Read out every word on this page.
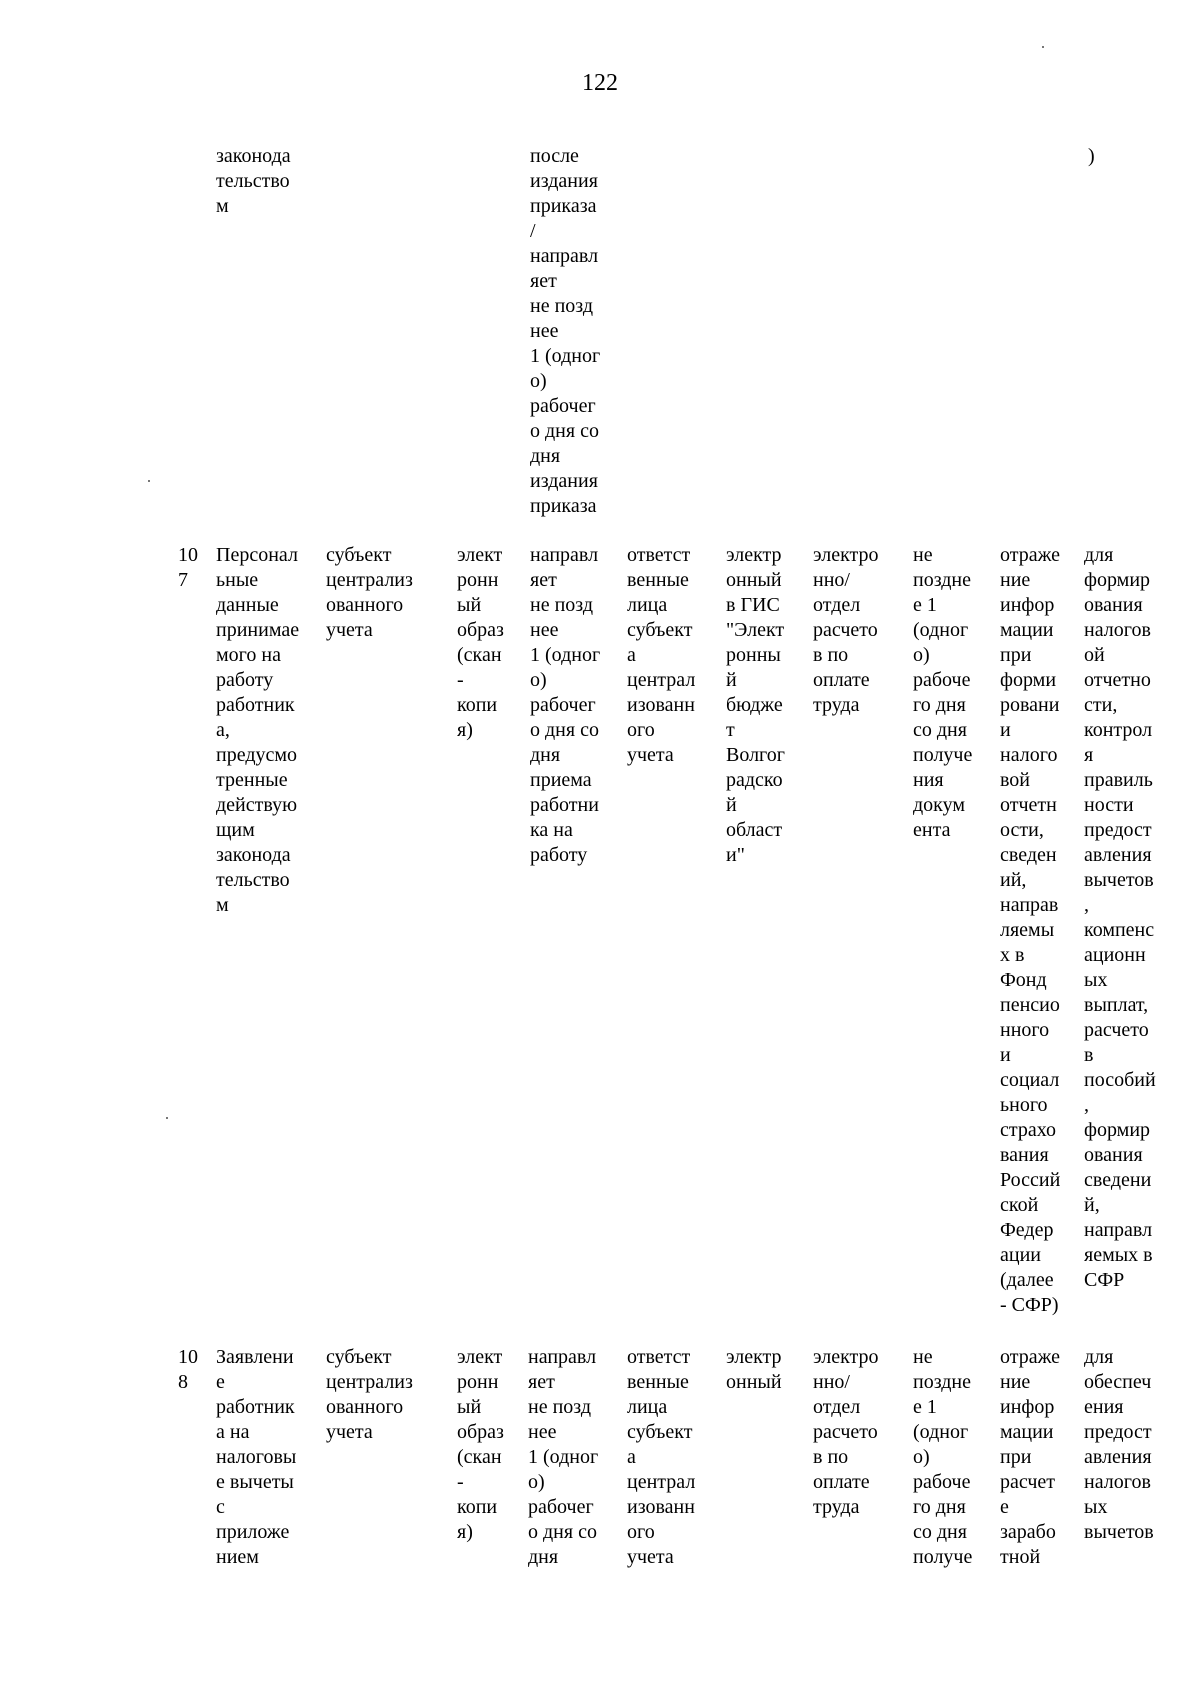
122
законода
тельство
м
после
издания
приказа
/
направл
яет
не позд
нее
1 (одног
о)
рабочег
о дня со
дня
издания
приказа
)
10
7
Персонал
ьные
данные
принимае
мого на
работу
работник
а,
предусмо
тренные
действую
щим
законода
тельство
м
субъект
централиз
ованного
учета
элект
ронн
ый
образ
(скан
-
копи
я)
направл
яет
не позд
нее
1 (одног
о)
рабочег
о дня со
дня
приема
работни
ка на
работу
ответст
венные
лица
субъект
а
централ
изованн
ого
учета
электр
онный
в ГИС
"Элект
ронны
й
бюдже
т
Волгог
радско
й
област
и"
электро
нно/
отдел
расчето
в по
оплате
труда
не
поздне
е 1
(одног
о)
рабоче
го дня
со дня
получе
ния
докум
ента
отраже
ние
инфор
мации
при
форми
ровани
и
налого
вой
отчетн
ости,
сведен
ий,
направ
ляемы
х в
Фонд
пенсио
нного
и
социал
ьного
страхо
вания
Россий
ской
Федер
ации
(далее
- СФР)
для
формир
ования
налогов
ой
отчетно
сти,
контрол
я
правиль
ности
предост
авления
вычетов
,
компенс
ационн
ых
выплат,
расчето
в
пособий
,
формир
ования
сведени
й,
направл
яемых в
СФР
10
8
Заявлени
е
работник
а на
налоговы
е вычеты
с
приложе
нием
субъект
централиз
ованного
учета
элект
ронн
ый
образ
(скан
-
копи
я)
направл
яет
не позд
нее
1 (одног
о)
рабочег
о дня со
дня
ответст
венные
лица
субъект
а
централ
изованн
ого
учета
электр
онный
электро
нно/
отдел
расчето
в по
оплате
труда
не
поздне
е 1
(одног
о)
рабоче
го дня
со дня
получе
отраже
ние
инфор
мации
при
расчет
е
зарабо
тной
для
обеспеч
ения
предост
авления
налогов
ых
вычетов
